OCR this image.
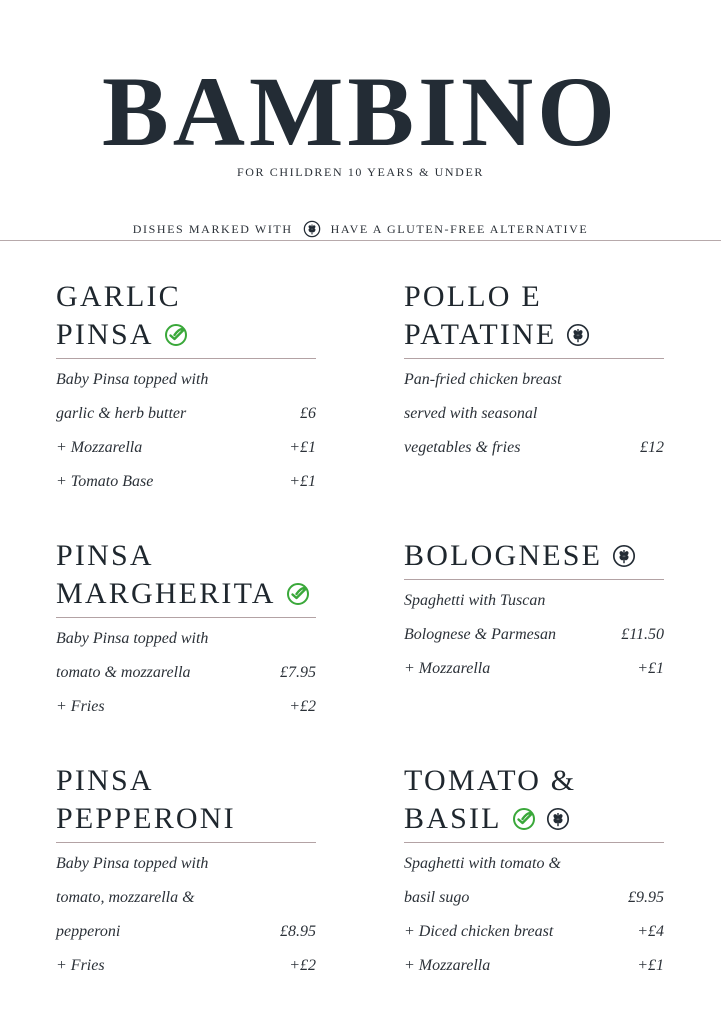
BAMBINO
FOR CHILDREN 10 YEARS & UNDER
DISHES MARKED WITH	HAVE A GLUTEN-FREE ALTERNATIVE
GARLIC
PINSA
Baby Pinsa topped with
garlic & herb butter	£6
+ Mozzarella	+£1
+ Tomato Base	+£1
POLLO E
PATATINE
Pan-fried chicken breast
served with seasonal
vegetables & fries	£12
PINSA
MARGHERITA
Baby Pinsa topped with
tomato & mozzarella	£7.95
+ Fries	+£2
BOLOGNESE
Spaghetti with Tuscan
Bolognese & Parmesan	£11.50
+ Mozzarella	+£1
PINSA
PEPPERONI
Baby Pinsa topped with
tomato, mozzarella &
pepperoni	£8.95
+ Fries	+£2
TOMATO &
BASIL
Spaghetti with tomato &
basil sugo	£9.95
+ Diced chicken breast	+£4
+ Mozzarella	+£1
